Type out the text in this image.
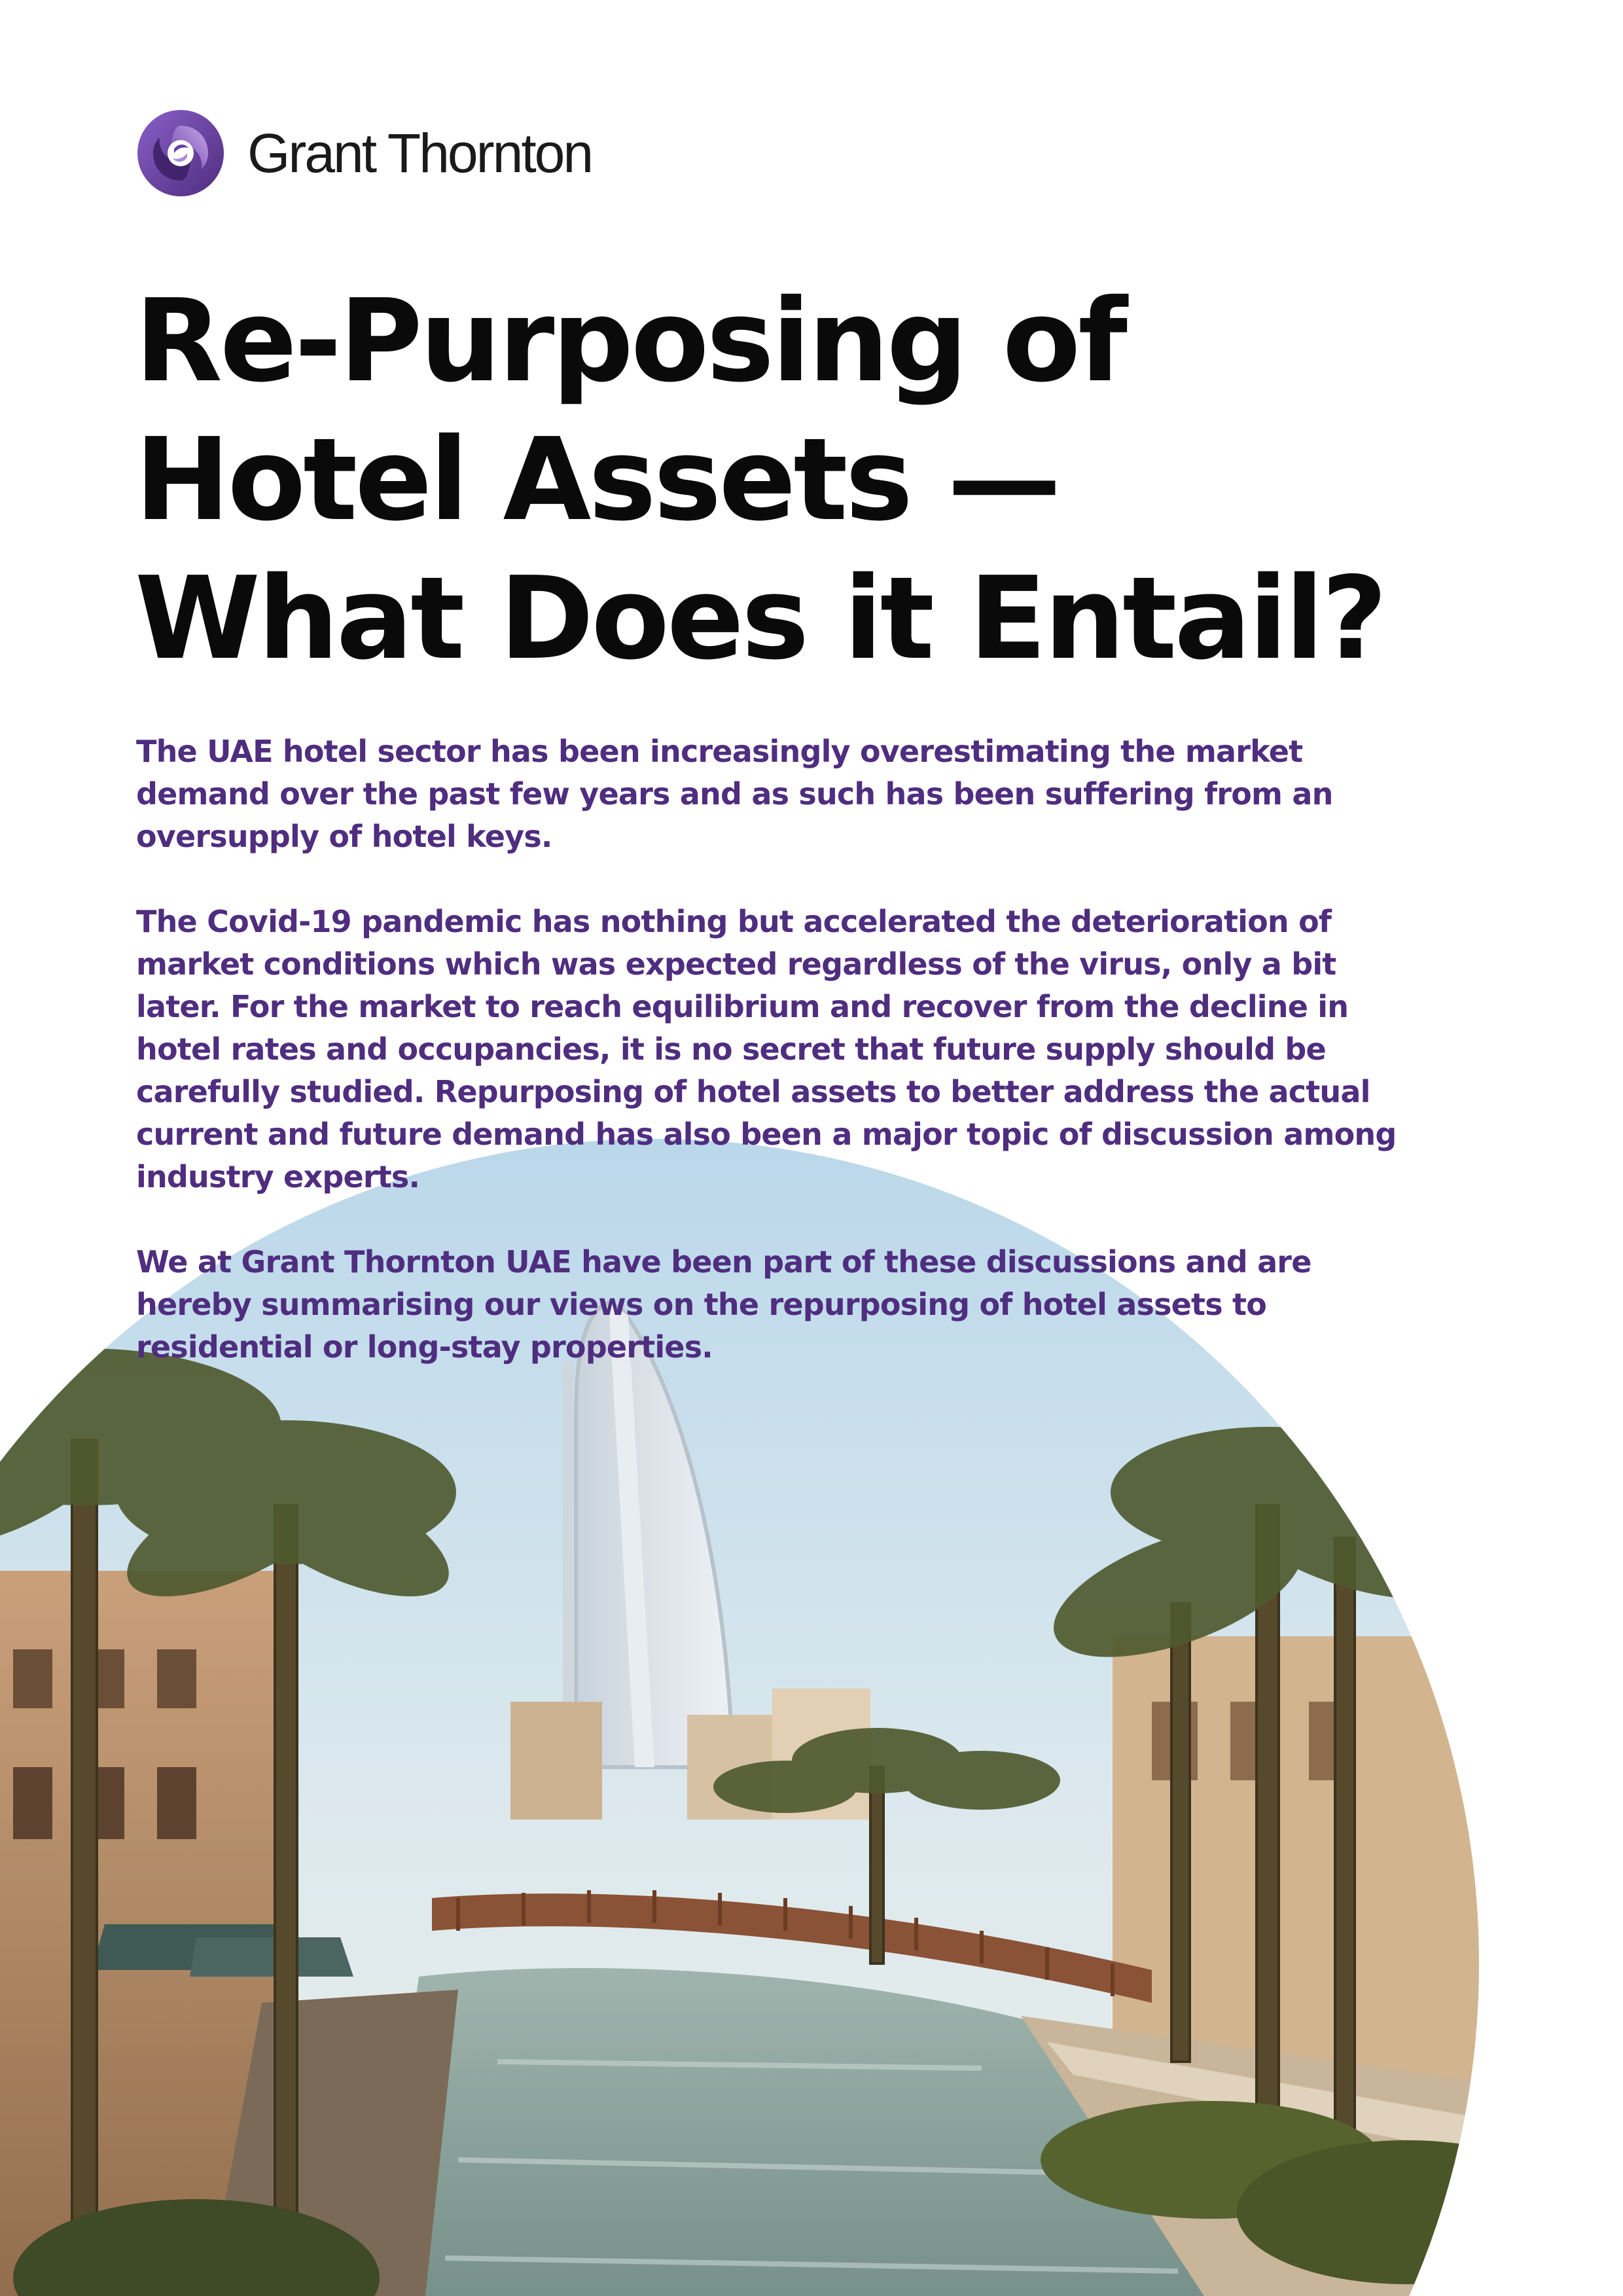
Grant Thornton
Re-Purposing of
Hotel Assets —
What Does it Entail?

The UAE hotel sector has been increasingly overestimating the market demand over the past few years and as such has been suffering from an oversupply of hotel keys.

The Covid-19 pandemic has nothing but accelerated the deterioration of market conditions which was expected regardless of the virus, only a bit later. For the market to reach equilibrium and recover from the decline in hotel rates and occupancies, it is no secret that future supply should be carefully studied. Repurposing of hotel assets to better address the actual current and future demand has also been a major topic of discussion among industry experts.

We at Grant Thornton UAE have been part of these discussions and are hereby summarising our views on the repurposing of hotel assets to residential or long-stay properties.
